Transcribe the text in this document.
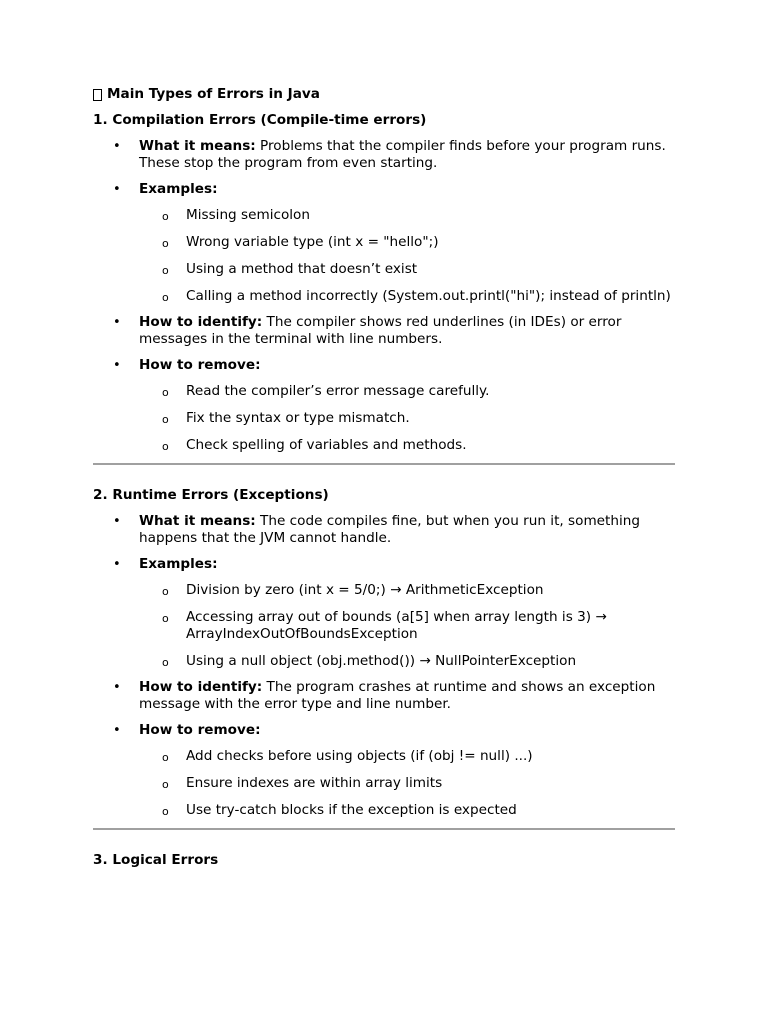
Main Types of Errors in Java
1. Compilation Errors (Compile-time errors)
• What it means: Problems that the compiler finds before your program runs. These stop the program from even starting.
• Examples:
o Missing semicolon
o Wrong variable type (int x = "hello";)
o Using a method that doesn’t exist
o Calling a method incorrectly (System.out.printl("hi"); instead of println)
• How to identify: The compiler shows red underlines (in IDEs) or error messages in the terminal with line numbers.
• How to remove:
o Read the compiler’s error message carefully.
o Fix the syntax or type mismatch.
o Check spelling of variables and methods.
2. Runtime Errors (Exceptions)
• What it means: The code compiles fine, but when you run it, something happens that the JVM cannot handle.
• Examples:
o Division by zero (int x = 5/0;) → ArithmeticException
o Accessing array out of bounds (a[5] when array length is 3) → ArrayIndexOutOfBoundsException
o Using a null object (obj.method()) → NullPointerException
• How to identify: The program crashes at runtime and shows an exception message with the error type and line number.
• How to remove:
o Add checks before using objects (if (obj != null) ...)
o Ensure indexes are within array limits
o Use try-catch blocks if the exception is expected
3. Logical Errors
